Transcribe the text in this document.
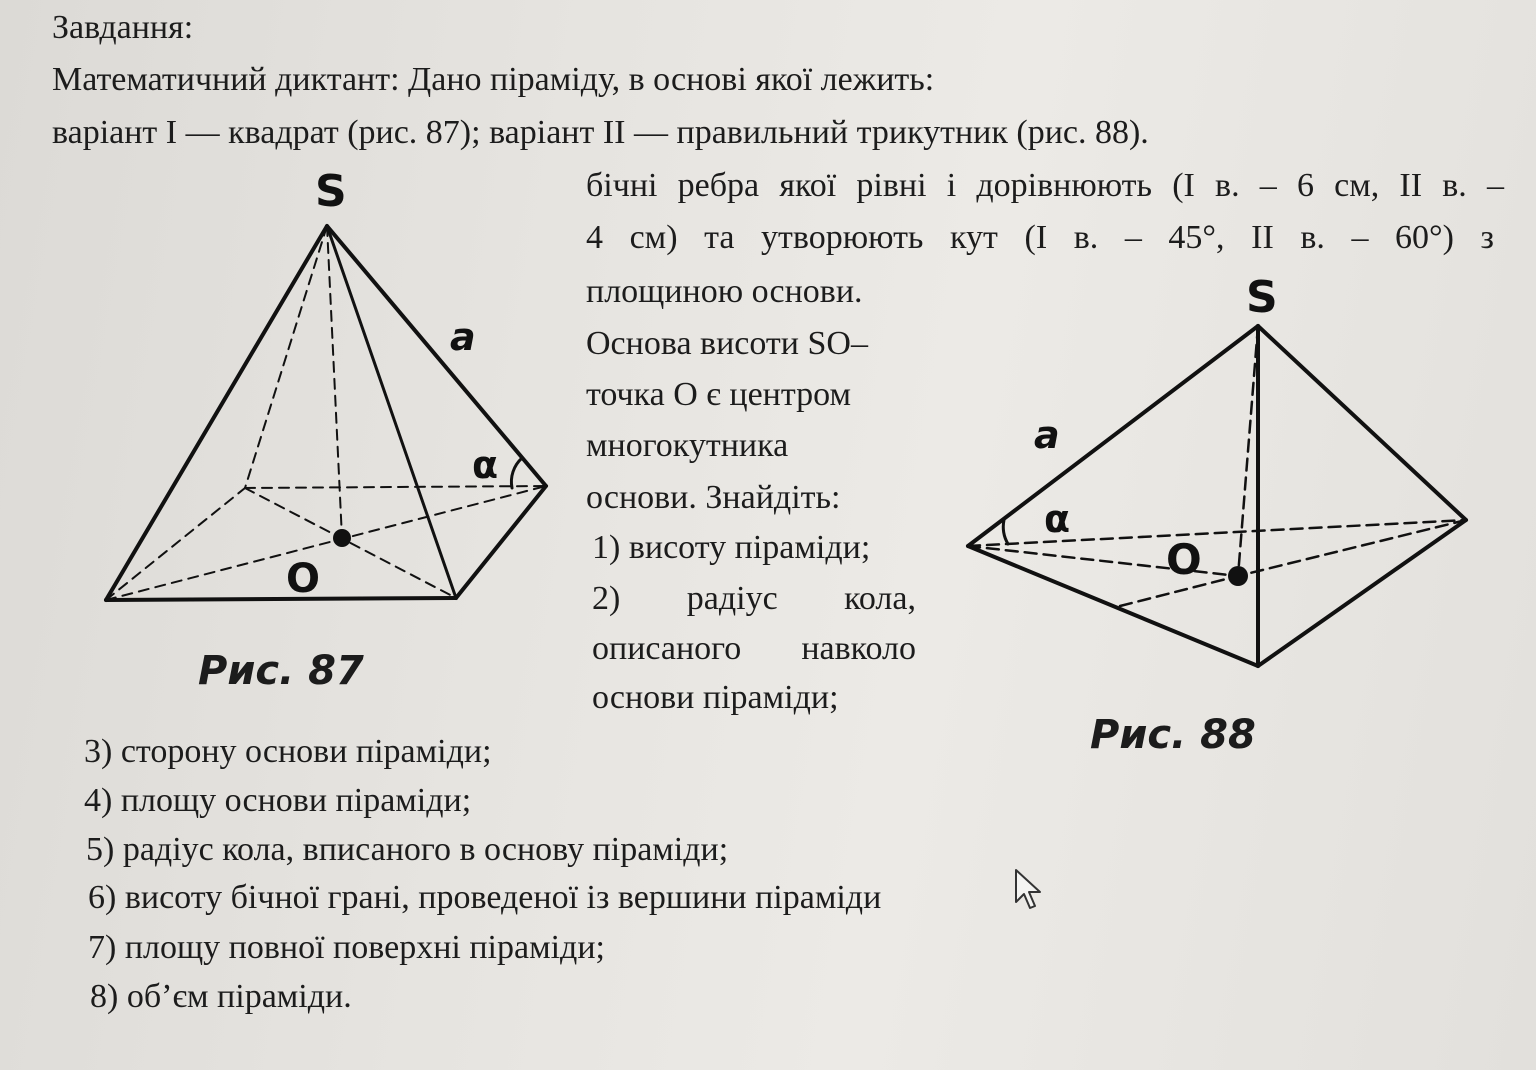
Завдання:
Математичний диктант: Дано піраміду, в основі якої лежить:
варіант I — квадрат (рис. 87); варіант II — правильний трикутник (рис. 88).
бічні ребра якої рівні і дорівнюють (I в. – 6 см, II в. –
4 см) та утворюють кут (I в. – 45°, II в. – 60°) з
площиною основи.
Основа висоти SO–
точка О є центром
многокутника
основи. Знайдіть:
1) висоту піраміди;
2) радіус кола,
описаного навколо
основи піраміди;
3) сторону основи піраміди;
4) площу основи піраміди;
5) радіус кола, вписаного в основу піраміди;
6) висоту бічної грані, проведеної із вершини піраміди
7) площу повної поверхні піраміди;
8) об’єм піраміди.
S
a
α
O
Рис. 87
S
a
α
O
Рис. 88
